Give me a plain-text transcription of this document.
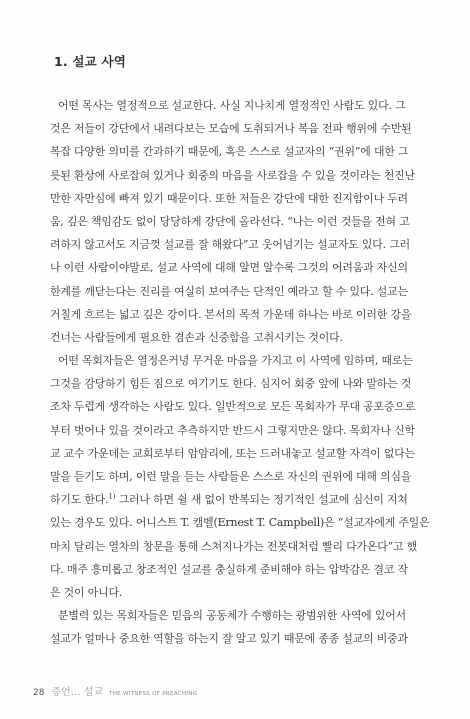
1. 설교 사역
어떤 목사는 열정적으로 설교한다. 사실 지나치게 열정적인 사람도 있다. 그
것은 저들이 강단에서 내려다보는 모습에 도취되거나 복음 전파 행위에 수반된
복잡 다양한 의미를 간과하기 때문에, 혹은 스스로 설교자의 “권위”에 대한 그
릇된 환상에 사로잡혀 있거나 회중의 마음을 사로잡을 수 있을 것이라는 천진난
만한 자만심에 빠져 있기 때문이다. 또한 저들은 강단에 대한 진지함이나 두려
움, 깊은 책임감도 없이 당당하게 강단에 올라선다. “나는 이런 것들을 전혀 고
려하지 않고서도 지금껏 설교를 잘 해왔다”고 웃어넘기는 설교자도 있다. 그러
나 이런 사람이야말로, 설교 사역에 대해 알면 알수록 그것의 어려움과 자신의
한계를 깨닫는다는 진리를 여실히 보여주는 단적인 예라고 할 수 있다. 설교는
거칠게 흐르는 넓고 깊은 강이다. 본서의 목적 가운데 하나는 바로 이러한 강을
건너는 사람들에게 필요한 겸손과 신중함을 고취시키는 것이다.
어떤 목회자들은 열정은커녕 무거운 마음을 가지고 이 사역에 임하며, 때로는
그것을 감당하기 힘든 짐으로 여기기도 한다. 심지어 회중 앞에 나와 말하는 것
조차 두렵게 생각하는 사람도 있다. 일반적으로 모든 목회자가 무대 공포증으로
부터 벗어나 있을 것이라고 추측하지만 반드시 그렇지만은 않다. 목회자나 신학
교 교수 가운데는 교회로부터 암암리에, 또는 드러내놓고 설교할 자격이 없다는
말을 듣기도 하며, 이런 말을 듣는 사람들은 스스로 자신의 권위에 대해 의심을
하기도 한다.$^{1)}$ 그러나 하면 쉴 새 없이 반복되는 정기적인 설교에 심신이 지쳐
있는 경우도 있다. 어니스트 T. 캠벨(Ernest T. Campbell)은 “설교자에게 주일은
마치 달리는 열차의 창문을 통해 스쳐지나가는 전봇대처럼 빨리 다가온다”고 했
다. 매주 흥미롭고 창조적인 설교를 충실하게 준비해야 하는 압박감은 결코 작
은 것이 아니다.
분별력 있는 목회자들은 믿음의 공동체가 수행하는 광범위한 사역에 있어서
설교가 얼마나 중요한 역할을 하는지 잘 알고 있기 때문에 종종 설교의 비중과
28 증언… 설교 THE WITNESS OF PREACHING
